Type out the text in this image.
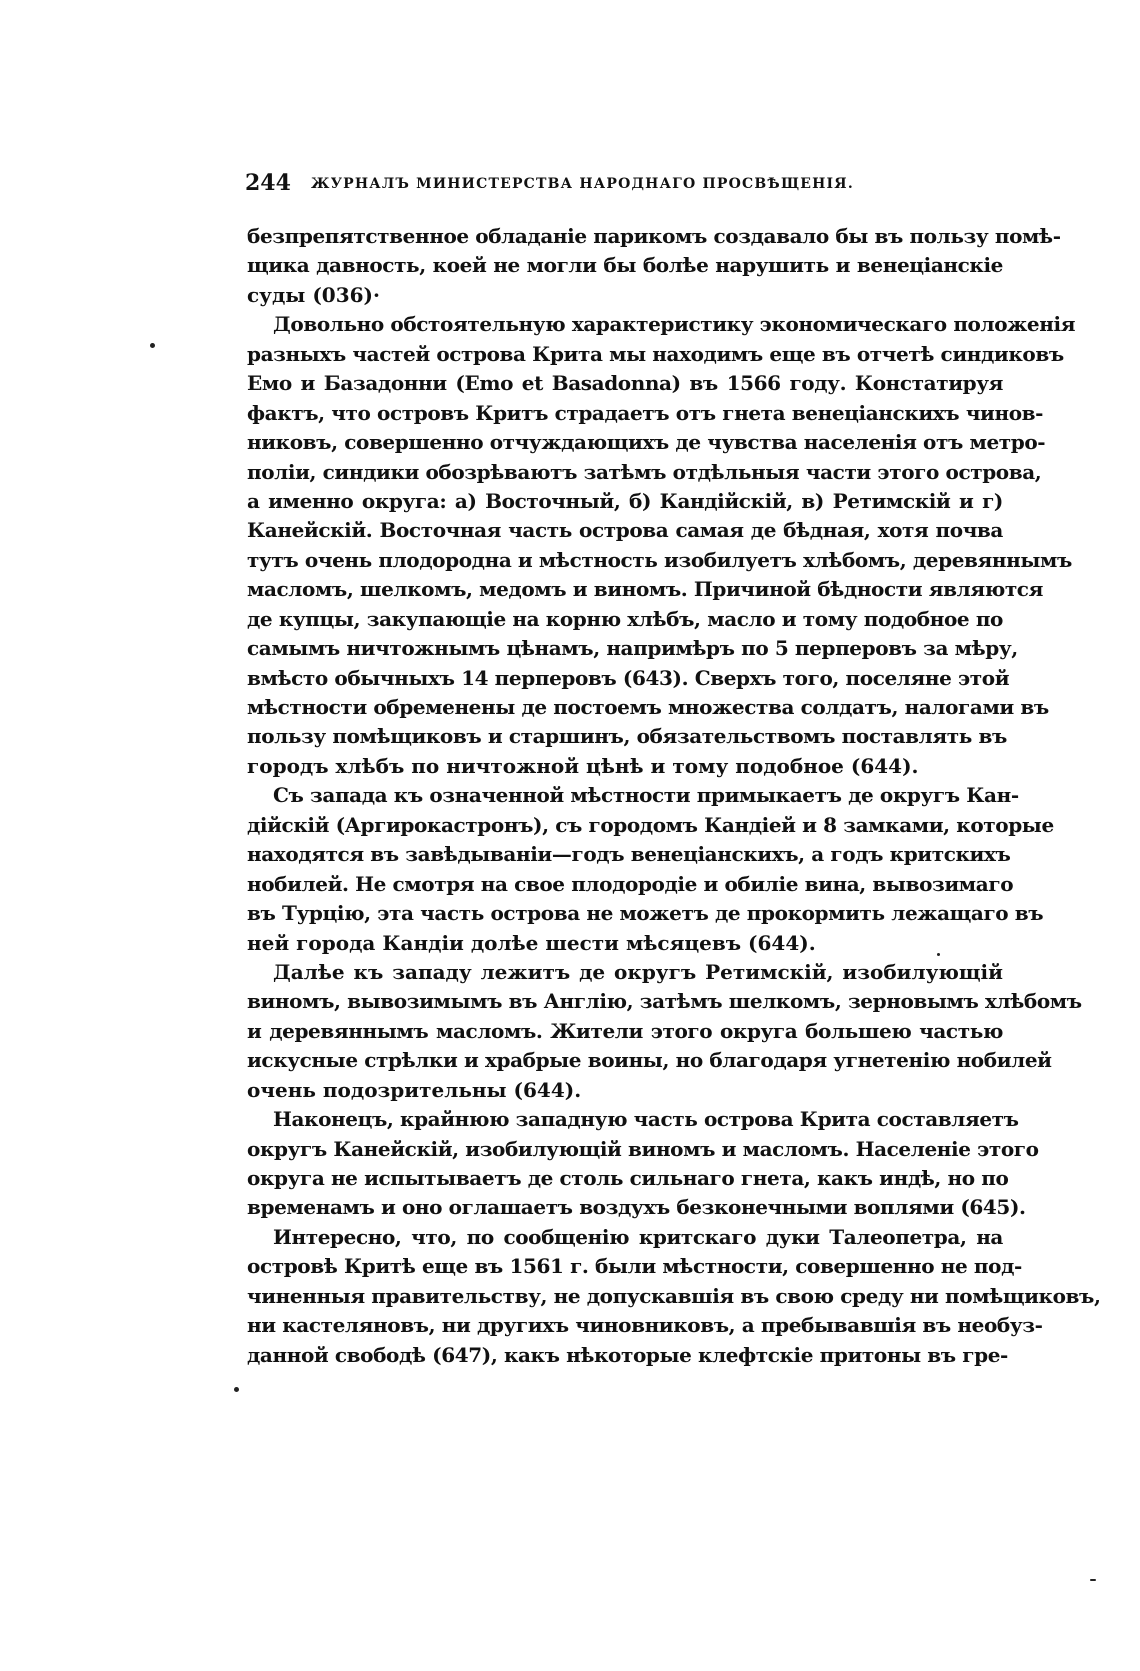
244 ЖУРНАЛЪ МИНИСТЕРСТВА НАРОДНАГО ПРОСВѢЩЕНІЯ.
безпрепятственное обладаніе парикомъ создавало бы въ пользу помѣ-
щика давность, коей не могли бы болѣе нарушить и венеціанскіе
суды (036)·
Довольно обстоятельную характеристику экономическаго положенія
разныхъ частей острова Крита мы находимъ еще въ отчетѣ синдиковъ
Емо и Базадонни (Emo et Basadonna) въ 1566 году. Констатируя
фактъ, что островъ Критъ страдаетъ отъ гнета венеціанскихъ чинов-
никовъ, совершенно отчуждающихъ де чувства населенія отъ метро-
поліи, синдики обозрѣваютъ затѣмъ отдѣльныя части этого острова,
а именно округа: а) Восточный, б) Кандійскій, в) Ретимскій и г)
Канейскій. Восточная часть острова самая де бѣдная, хотя почва
тутъ очень плодородна и мѣстность изобилуетъ хлѣбомъ, деревяннымъ
масломъ, шелкомъ, медомъ и виномъ. Причиной бѣдности являются
де купцы, закупающіе на корню хлѣбъ, масло и тому подобное по
самымъ ничтожнымъ цѣнамъ, напримѣръ по 5 перперовъ за мѣру,
вмѣсто обычныхъ 14 перперовъ (643). Сверхъ того, поселяне этой
мѣстности обременены де постоемъ множества солдатъ, налогами въ
пользу помѣщиковъ и старшинъ, обязательствомъ поставлять въ
городъ хлѣбъ по ничтожной цѣнѣ и тому подобное (644).
Съ запада къ означенной мѣстности примыкаетъ де округъ Кан-
дійскій (Аргирокастронъ), съ городомъ Кандіей и 8 замками, которые
находятся въ завѣдываніи—годъ венеціанскихъ, а годъ критскихъ
нобилей. Не смотря на свое плодородіе и обиліе вина, вывозимаго
въ Турцію, эта часть острова не можетъ де прокормить лежащаго въ
ней города Кандіи долѣе шести мѣсяцевъ (644).
Далѣе къ западу лежитъ де округъ Ретимскій, изобилующій
виномъ, вывозимымъ въ Англію, затѣмъ шелкомъ, зерновымъ хлѣбомъ
и деревяннымъ масломъ. Жители этого округа большею частью
искусные стрѣлки и храбрые воины, но благодаря угнетенію нобилей
очень подозрительны (644).
Наконецъ, крайнюю западную часть острова Крита составляетъ
округъ Канейскій, изобилующій виномъ и масломъ. Населеніе этого
округа не испытываетъ де столь сильнаго гнета, какъ индѣ, но по
временамъ и оно оглашаетъ воздухъ безконечными воплями (645).
Интересно, что, по сообщенію критскаго дуки Талеопетра, на
островѣ Критѣ еще въ 1561 г. были мѣстности, совершенно не под-
чиненныя правительству, не допускавшія въ свою среду ни помѣщиковъ,
ни кастеляновъ, ни другихъ чиновниковъ, а пребывавшія въ необуз-
данной свободѣ (647), какъ нѣкоторые клефтскіе притоны въ гре-
